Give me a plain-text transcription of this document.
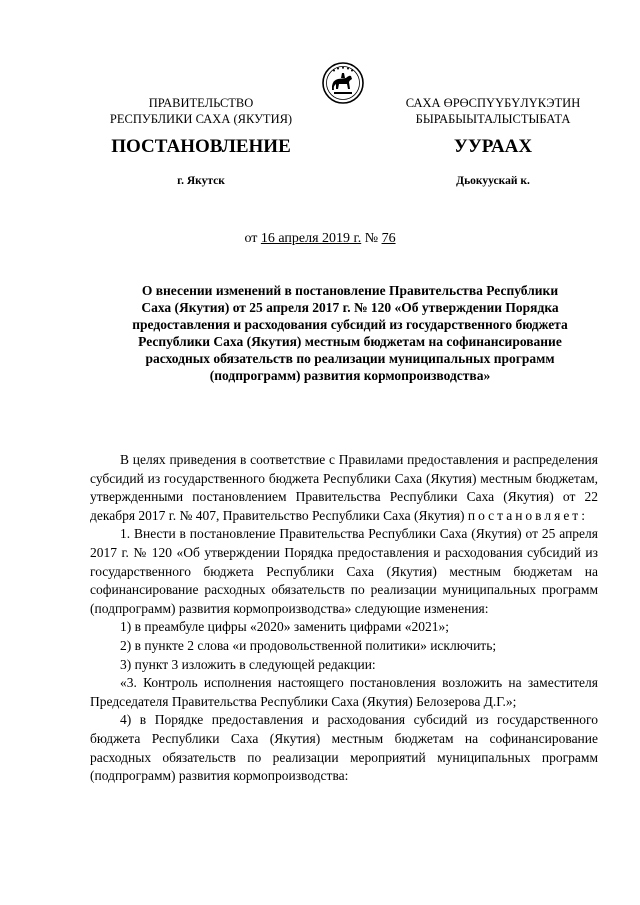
ПРАВИТЕЛЬСТВО
РЕСПУБЛИКИ САХА (ЯКУТИЯ)
САХА ӨРӨСПҮҮБҮЛҮКЭТИН
БЫРАБЫЫТАЛЫСТЫБАТА
ПОСТАНОВЛЕНИЕ	УУРААХ
г. Якутск	Дьокуускай к.
от 16 апреля 2019 г. № 76
О внесении изменений в постановление Правительства Республики
Саха (Якутия) от 25 апреля 2017 г. № 120 «Об утверждении Порядка
предоставления и расходования субсидий из государственного бюджета
Республики Саха (Якутия) местным бюджетам на софинансирование
расходных обязательств по реализации муниципальных программ
(подпрограмм) развития кормопроизводства»

В целях приведения в соответствие с Правилами предоставления и распределения субсидий из государственного бюджета Республики Саха (Якутия) местным бюджетам, утвержденными постановлением Правительства Республики Саха (Якутия) от 22 декабря 2017 г. № 407, Правительство Республики Саха (Якутия) постановляет:

1. Внести в постановление Правительства Республики Саха (Якутия) от 25 апреля 2017 г. № 120 «Об утверждении Порядка предоставления и расходования субсидий из государственного бюджета Республики Саха (Якутия) местным бюджетам на софинансирование расходных обязательств по реализации муниципальных программ (подпрограмм) развития кормопроизводства» следующие изменения:

1) в преамбуле цифры «2020» заменить цифрами «2021»;

2) в пункте 2 слова «и продовольственной политики» исключить;

3) пункт 3 изложить в следующей редакции:

«3. Контроль исполнения настоящего постановления возложить на заместителя Председателя Правительства Республики Саха (Якутия) Белозерова Д.Г.»;

4) в Порядке предоставления и расходования субсидий из государственного бюджета Республики Саха (Якутия) местным бюджетам на софинансирование расходных обязательств по реализации мероприятий муниципальных программ (подпрограмм) развития кормопроизводства:
